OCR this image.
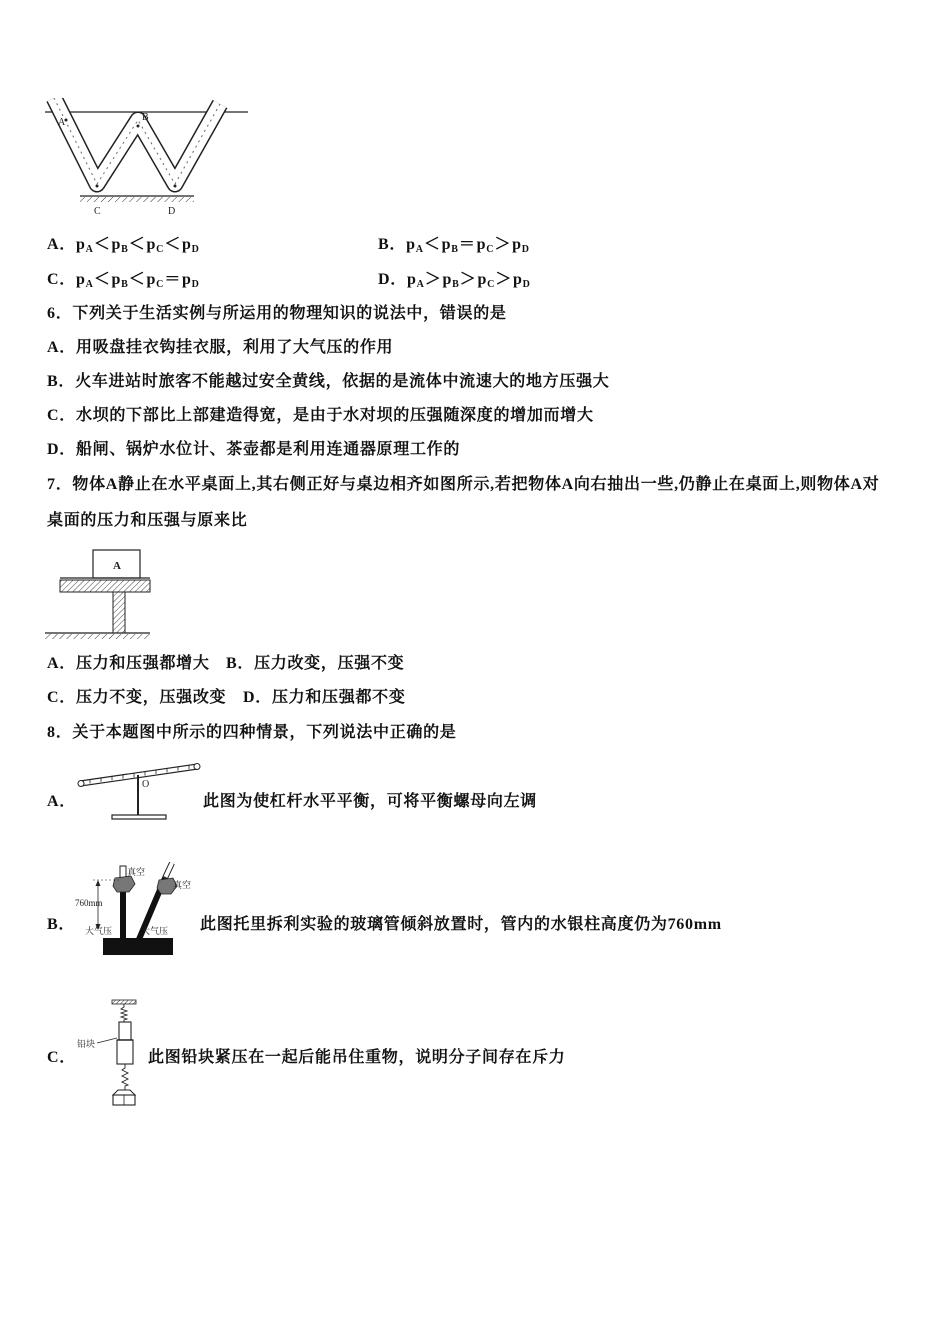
A	B
C	D
A． p A ＜ p B ＜ p C ＜ p D	B． p A ＜ p B ＝ p C ＞ p D
C． p A ＜ p B ＜ p C ＝ p D	D． p A ＞ p B ＞ p C ＞ p D
6．下列关于生活实例与所运用的物理知识的说法中，错误的是
A．用吸盘挂衣钩挂衣服，利用了大气压的作用
B．火车进站时旅客不能越过安全黄线，依据的是流体中流速大的地方压强大
C．水坝的下部比上部建造得宽，是由于水对坝的压强随深度的增加而增大
D．船闸、锅炉水位计、茶壶都是利用连通器原理工作的
7．物体A静止在水平桌面上,其右侧正好与桌边相齐如图所示,若把物体A向右抽出一些,仍静止在桌面上,则物体A对
桌面的压力和压强与原来比
A
A．压力和压强都增大 B．压力改变，压强不变
C．压力不变，压强改变 D．压力和压强都不变
8．关于本题图中所示的四种情景，下列说法中正确的是
A．
O
此图为使杠杆水平平衡，可将平衡螺母向左调
B．
760mm
真空
真空
大气压	大气压 此图托里拆利实验的玻璃管倾斜放置时，管内的水银柱高度仍为760mm
C．
铅块
此图铅块紧压在一起后能吊住重物，说明分子间存在斥力
